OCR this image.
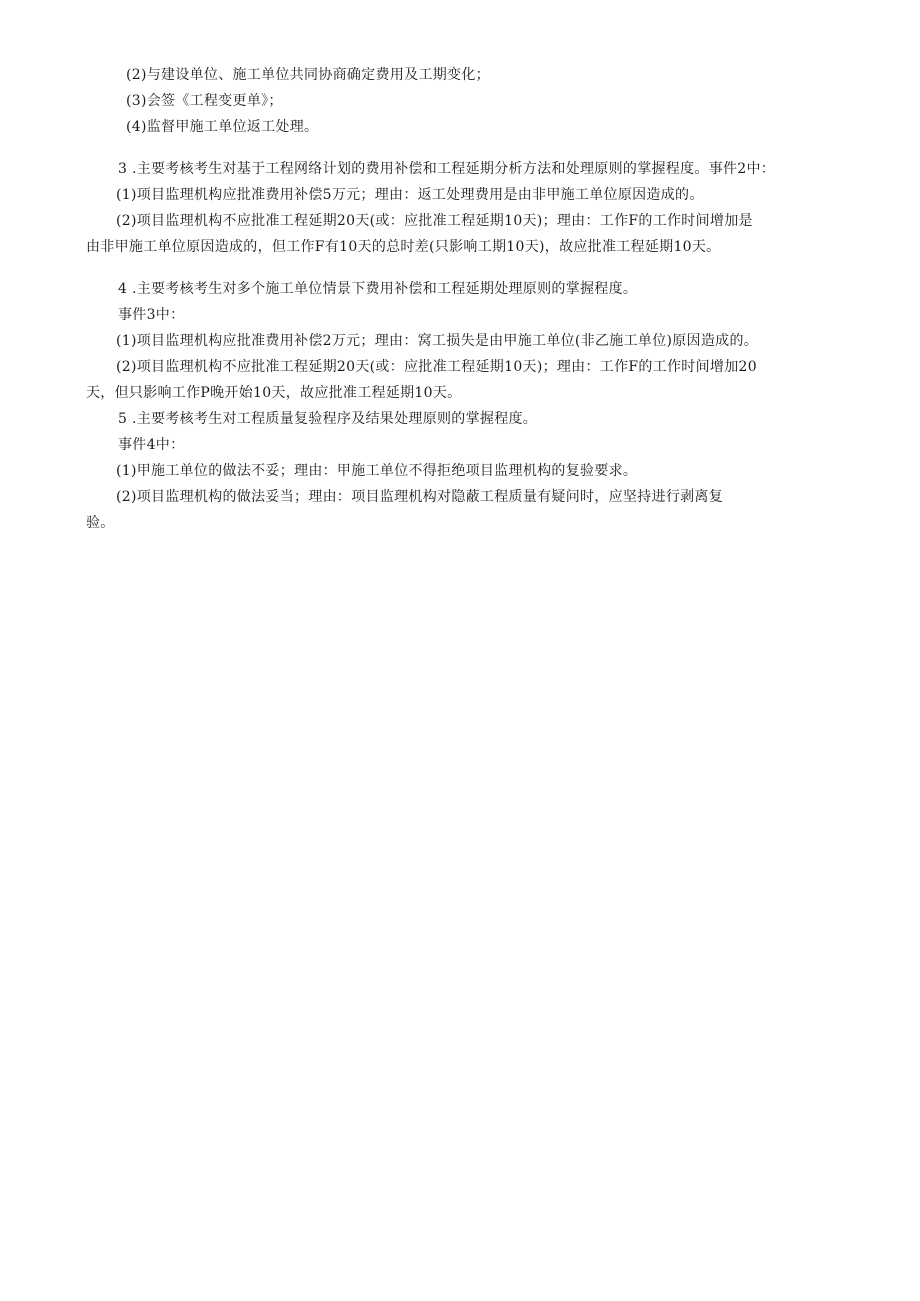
(2)与建设单位、施工单位共同协商确定费用及工期变化；
(3)会签《工程变更单》；
(4)监督甲施工单位返工处理。
3 .主要考核考生对基于工程网络计划的费用补偿和工程延期分析方法和处理原则的掌握程度。事件2中：
(1)项目监理机构应批准费用补偿5万元；理由：返工处理费用是由非甲施工单位原因造成的。
(2)项目监理机构不应批准工程延期20天(或：应批准工程延期10天)；理由：工作F的工作时间增加是
由非甲施工单位原因造成的，但工作F有10天的总时差(只影响工期10天)，故应批准工程延期10天。
4 .主要考核考生对多个施工单位情景下费用补偿和工程延期处理原则的掌握程度。
事件3中：
(1)项目监理机构应批准费用补偿2万元；理由：窝工损失是由甲施工单位(非乙施工单位)原因造成的。
(2)项目监理机构不应批准工程延期20天(或：应批准工程延期10天)；理由：工作F的工作时间增加20
天，但只影响工作P晚开始10天，故应批准工程延期10天。
5 .主要考核考生对工程质量复验程序及结果处理原则的掌握程度。
事件4中：
(1)甲施工单位的做法不妥；理由：甲施工单位不得拒绝项目监理机构的复验要求。
(2)项目监理机构的做法妥当；理由：项目监理机构对隐蔽工程质量有疑问时，应坚持进行剥离复
验。
